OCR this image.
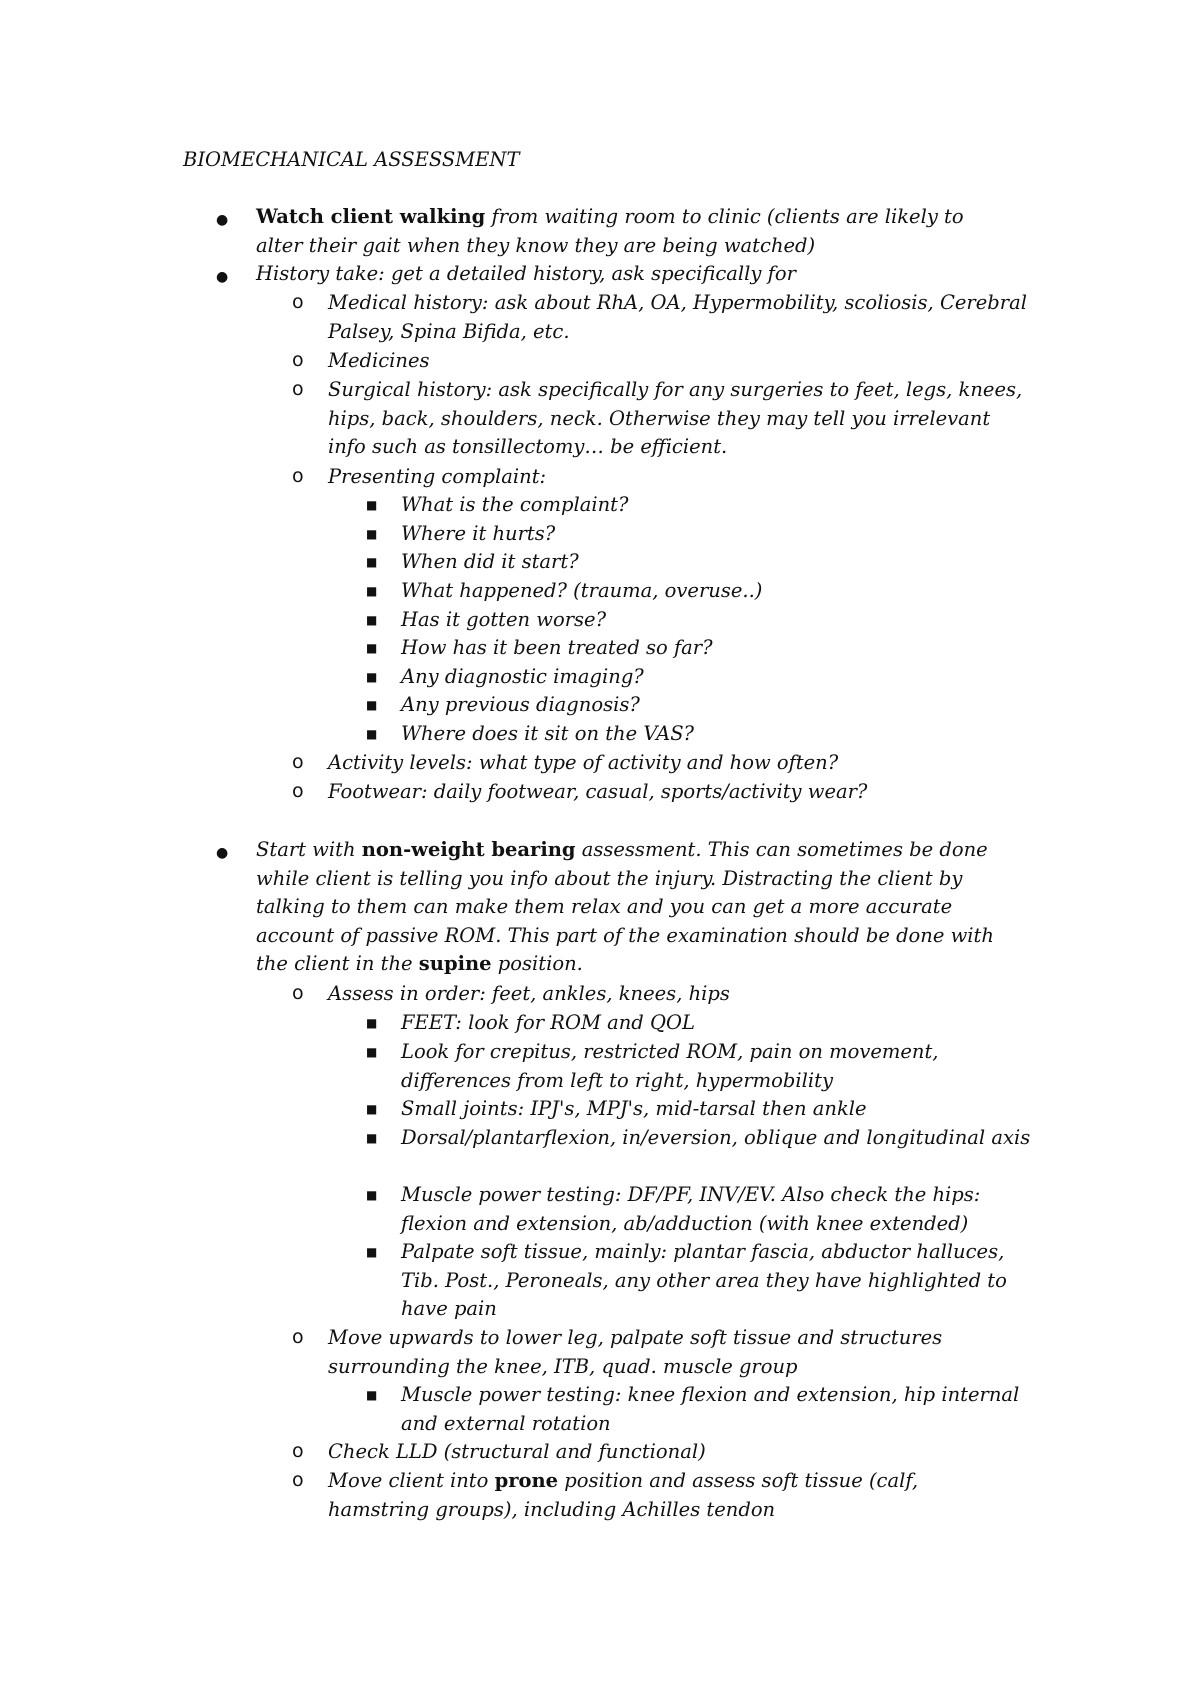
BIOMECHANICAL ASSESSMENT
● Watch client walking from waiting room to clinic (clients are likely to alter their gait when they know they are being watched)
● History take: get a detailed history, ask specifically for
o Medical history: ask about RhA, OA, Hypermobility, scoliosis, Cerebral Palsey, Spina Bifida, etc.
o Medicines
o Surgical history: ask specifically for any surgeries to feet, legs, knees, hips, back, shoulders, neck. Otherwise they may tell you irrelevant info such as tonsillectomy… be efficient.
o Presenting complaint:
■ What is the complaint?
■ Where it hurts?
■ When did it start?
■ What happened? (trauma, overuse..)
■ Has it gotten worse?
■ How has it been treated so far?
■ Any diagnostic imaging?
■ Any previous diagnosis?
■ Where does it sit on the VAS?
o Activity levels: what type of activity and how often?
o Footwear: daily footwear, casual, sports/activity wear?
● Start with non-weight bearing assessment. This can sometimes be done while client is telling you info about the injury. Distracting the client by talking to them can make them relax and you can get a more accurate account of passive ROM. This part of the examination should be done with the client in the supine position.
o Assess in order: feet, ankles, knees, hips
■ FEET: look for ROM and QOL
■ Look for crepitus, restricted ROM, pain on movement, differences from left to right, hypermobility
■ Small joints: IPJ's, MPJ's, mid-tarsal then ankle
■ Dorsal/plantarflexion, in/eversion, oblique and longitudinal axis
■ Muscle power testing: DF/PF, INV/EV. Also check the hips: flexion and extension, ab/adduction (with knee extended)
■ Palpate soft tissue, mainly: plantar fascia, abductor halluces, Tib. Post., Peroneals, any other area they have highlighted to have pain
o Move upwards to lower leg, palpate soft tissue and structures surrounding the knee, ITB, quad. muscle group
■ Muscle power testing: knee flexion and extension, hip internal and external rotation
o Check LLD (structural and functional)
o Move client into prone position and assess soft tissue (calf, hamstring groups), including Achilles tendon
